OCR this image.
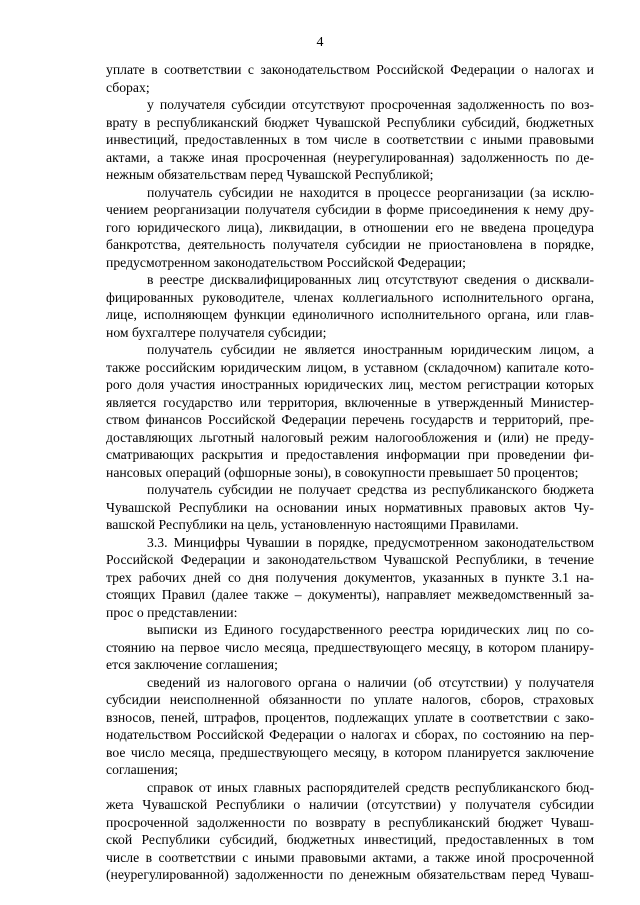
4
уплате в соответствии с законодательством Российской Федерации о налогах и
сборах;
у получателя субсидии отсутствуют просроченная задолженность по воз-
врату в республиканский бюджет Чувашской Республики субсидий, бюджетных
инвестиций, предоставленных в том числе в соответствии с иными правовыми
актами, а также иная просроченная (неурегулированная) задолженность по де-
нежным обязательствам перед Чувашской Республикой;
получатель субсидии не находится в процессе реорганизации (за исклю-
чением реорганизации получателя субсидии в форме присоединения к нему дру-
гого юридического лица), ликвидации, в отношении его не введена процедура
банкротства, деятельность получателя субсидии не приостановлена в порядке,
предусмотренном законодательством Российской Федерации;
в реестре дисквалифицированных лиц отсутствуют сведения о дисквали-
фицированных руководителе, членах коллегиального исполнительного органа,
лице, исполняющем функции единоличного исполнительного органа, или глав-
ном бухгалтере получателя субсидии;
получатель субсидии не является иностранным юридическим лицом, а
также российским юридическим лицом, в уставном (складочном) капитале кото-
рого доля участия иностранных юридических лиц, местом регистрации которых
является государство или территория, включенные в утвержденный Министер-
ством финансов Российской Федерации перечень государств и территорий, пре-
доставляющих льготный налоговый режим налогообложения и (или) не преду-
сматривающих раскрытия и предоставления информации при проведении фи-
нансовых операций (офшорные зоны), в совокупности превышает 50 процентов;
получатель субсидии не получает средства из республиканского бюджета
Чувашской Республики на основании иных нормативных правовых актов Чу-
вашской Республики на цель, установленную настоящими Правилами.
3.3. Минцифры Чувашии в порядке, предусмотренном законодательством
Российской Федерации и законодательством Чувашской Республики, в течение
трех рабочих дней со дня получения документов, указанных в пункте 3.1 на-
стоящих Правил (далее также – документы), направляет межведомственный за-
прос о представлении:
выписки из Единого государственного реестра юридических лиц по со-
стоянию на первое число месяца, предшествующего месяцу, в котором планиру-
ется заключение соглашения;
сведений из налогового органа о наличии (об отсутствии) у получателя
субсидии неисполненной обязанности по уплате налогов, сборов, страховых
взносов, пеней, штрафов, процентов, подлежащих уплате в соответствии с зако-
нодательством Российской Федерации о налогах и сборах, по состоянию на пер-
вое число месяца, предшествующего месяцу, в котором планируется заключение
соглашения;
справок от иных главных распорядителей средств республиканского бюд-
жета Чувашской Республики о наличии (отсутствии) у получателя субсидии
просроченной задолженности по возврату в республиканский бюджет Чуваш-
ской Республики субсидий, бюджетных инвестиций, предоставленных в том
числе в соответствии с иными правовыми актами, а также иной просроченной
(неурегулированной) задолженности по денежным обязательствам перед Чуваш-
